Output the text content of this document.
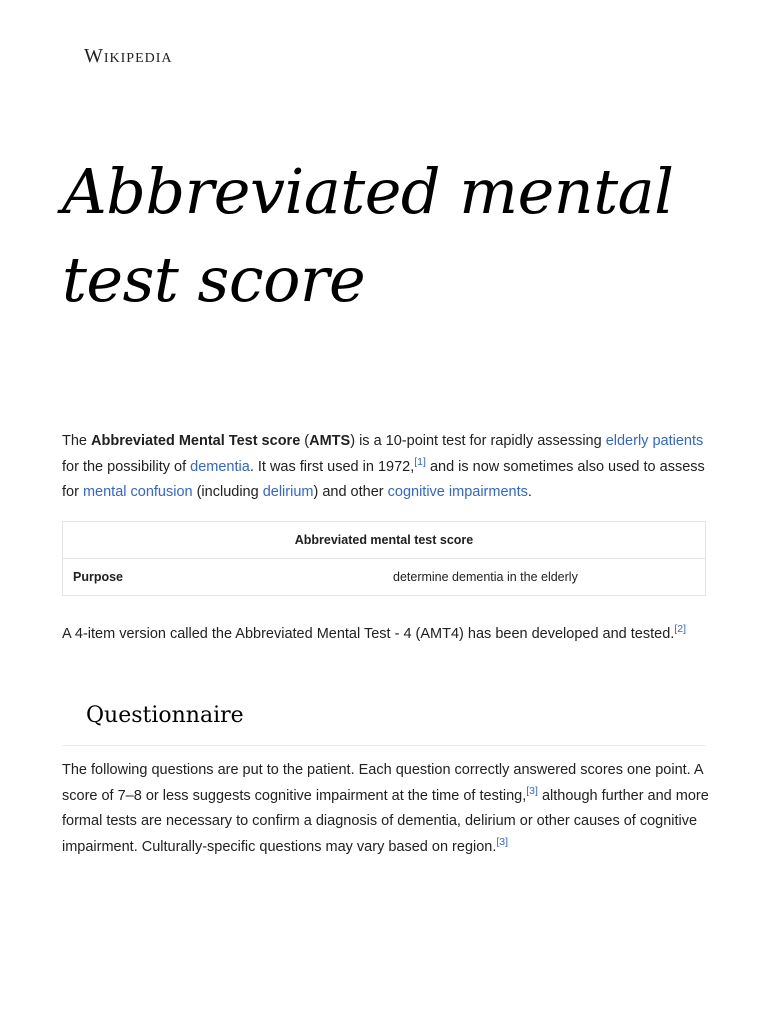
Wikipedia
Abbreviated mental test score

The Abbreviated Mental Test score (AMTS) is a 10-point test for rapidly assessing elderly patients for the possibility of dementia. It was first used in 1972,[1] and is now sometimes also used to assess for mental confusion (including delirium) and other cognitive impairments.

Abbreviated mental test score
Purpose	determine dementia in the elderly

A 4-item version called the Abbreviated Mental Test - 4 (AMT4) has been developed and tested.[2]

Questionnaire

The following questions are put to the patient. Each question correctly answered scores one point. A score of 7–8 or less suggests cognitive impairment at the time of testing,[3] although further and more formal tests are necessary to confirm a diagnosis of dementia, delirium or other causes of cognitive impairment. Culturally-specific questions may vary based on region.[3]
